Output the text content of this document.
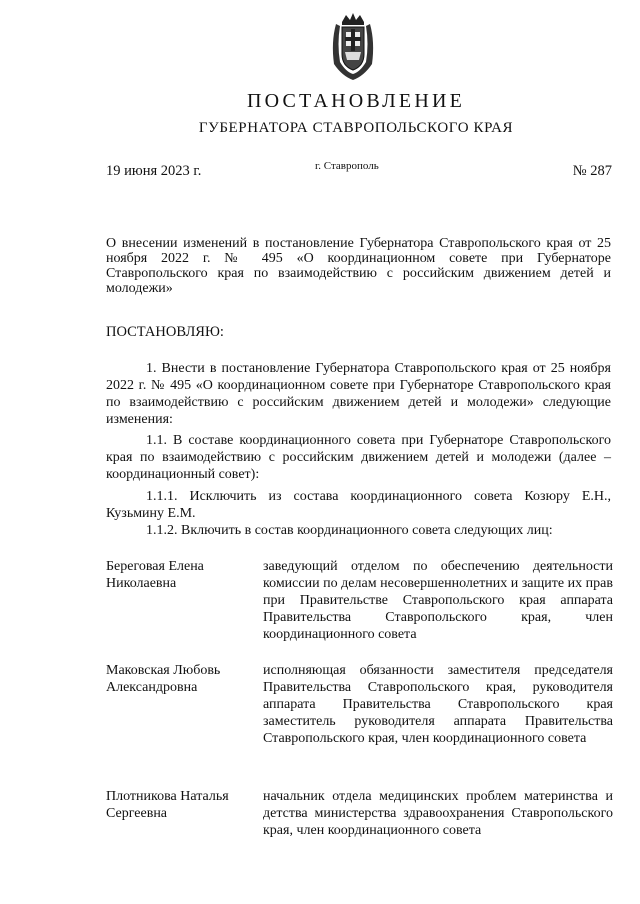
ПОСТАНОВЛЕНИЕ
ГУБЕРНАТОРА СТАВРОПОЛЬСКОГО КРАЯ
19 июня 2023 г.	г. Ставрополь	№ 287
О внесении изменений в постановление Губернатора Ставропольского края от 25 ноября 2022 г. № 495 «О координационном совете при Губернаторе Ставропольского края по взаимодействию с российским движением детей и молодежи»
ПОСТАНОВЛЯЮ:
1. Внести в постановление Губернатора Ставропольского края от 25 ноября 2022 г. № 495 «О координационном совете при Губернаторе Ставропольского края по взаимодействию с российским движением детей и молодежи» следующие изменения:
1.1. В составе координационного совета при Губернаторе Ставропольского края по взаимодействию с российским движением детей и молодежи (далее – координационный совет):
1.1.1. Исключить из состава координационного совета Козюру Е.Н., Кузьмину Е.М.
1.1.2. Включить в состав координационного совета следующих лиц:
Береговая Елена Николаевна
заведующий отделом по обеспечению деятельности комиссии по делам несовершеннолетних и защите их прав при Правительстве Ставропольского края аппарата Правительства Ставропольского края, член координационного совета
Маковская Любовь Александровна
исполняющая обязанности заместителя председателя Правительства Ставропольского края, руководителя аппарата Правительства Ставропольского края заместитель руководителя аппарата Правительства Ставропольского края, член координационного совета
Плотникова Наталья Сергеевна
начальник отдела медицинских проблем материнства и детства министерства здравоохранения Ставропольского края, член координационного совета
